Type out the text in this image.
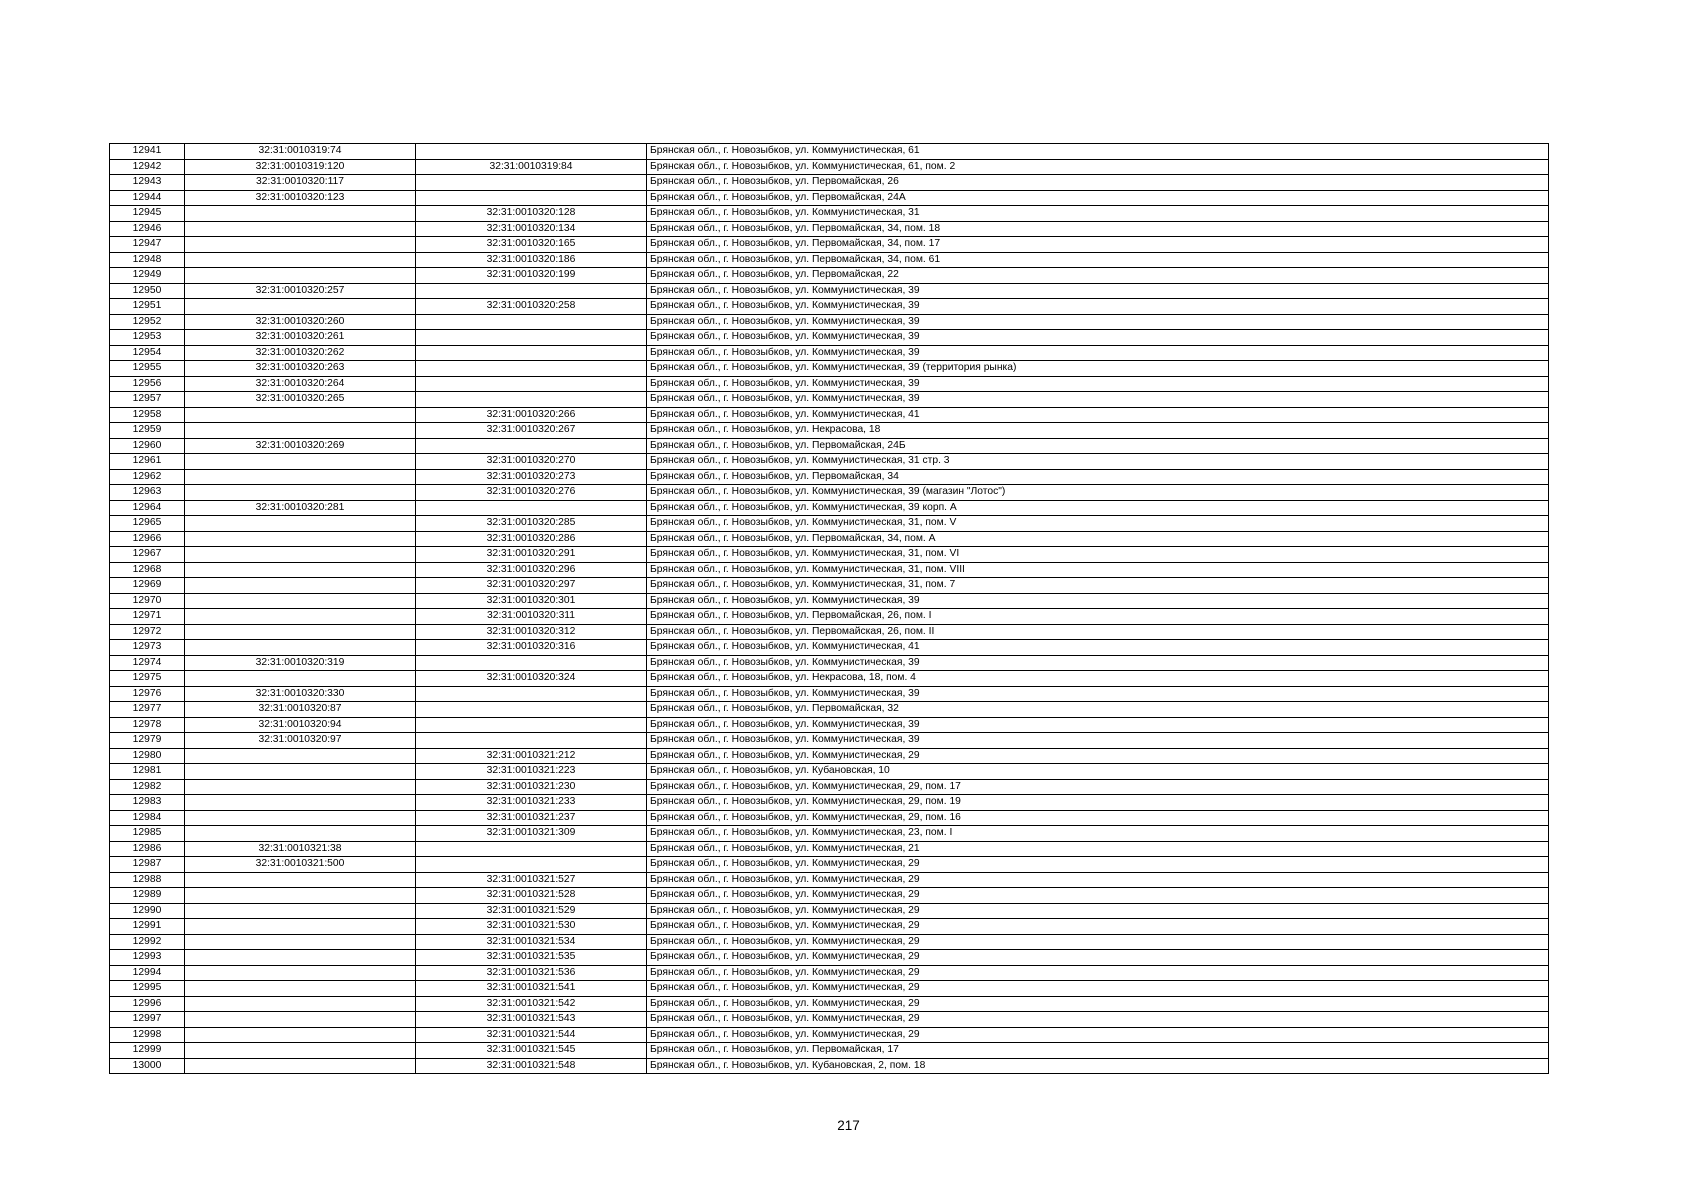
12941	32:31:0010319:74		Брянская обл., г. Новозыбков, ул. Коммунистическая, 61
12942	32:31:0010319:120	32:31:0010319:84	Брянская обл., г. Новозыбков, ул. Коммунистическая, 61, пом. 2
12943	32:31:0010320:117		Брянская обл., г. Новозыбков, ул. Первомайская, 26
12944	32:31:0010320:123		Брянская обл., г. Новозыбков, ул. Первомайская, 24А
12945		32:31:0010320:128	Брянская обл., г. Новозыбков, ул. Коммунистическая, 31
12946		32:31:0010320:134	Брянская обл., г. Новозыбков, ул. Первомайская, 34, пом. 18
12947		32:31:0010320:165	Брянская обл., г. Новозыбков, ул. Первомайская, 34, пом. 17
12948		32:31:0010320:186	Брянская обл., г. Новозыбков, ул. Первомайская, 34, пом. 61
12949		32:31:0010320:199	Брянская обл., г. Новозыбков, ул. Первомайская, 22
12950	32:31:0010320:257		Брянская обл., г. Новозыбков, ул. Коммунистическая, 39
12951		32:31:0010320:258	Брянская обл., г. Новозыбков, ул. Коммунистическая, 39
12952	32:31:0010320:260		Брянская обл., г. Новозыбков, ул. Коммунистическая, 39
12953	32:31:0010320:261		Брянская обл., г. Новозыбков, ул. Коммунистическая, 39
12954	32:31:0010320:262		Брянская обл., г. Новозыбков, ул. Коммунистическая, 39
12955	32:31:0010320:263		Брянская обл., г. Новозыбков, ул. Коммунистическая, 39 (территория рынка)
12956	32:31:0010320:264		Брянская обл., г. Новозыбков, ул. Коммунистическая, 39
12957	32:31:0010320:265		Брянская обл., г. Новозыбков, ул. Коммунистическая, 39
12958		32:31:0010320:266	Брянская обл., г. Новозыбков, ул. Коммунистическая, 41
12959		32:31:0010320:267	Брянская обл., г. Новозыбков, ул. Некрасова, 18
12960	32:31:0010320:269		Брянская обл., г. Новозыбков, ул. Первомайская, 24Б
12961		32:31:0010320:270	Брянская обл., г. Новозыбков, ул. Коммунистическая, 31 стр. 3
12962		32:31:0010320:273	Брянская обл., г. Новозыбков, ул. Первомайская, 34
12963		32:31:0010320:276	Брянская обл., г. Новозыбков, ул. Коммунистическая, 39 (магазин "Лотос")
12964	32:31:0010320:281		Брянская обл., г. Новозыбков, ул. Коммунистическая, 39 корп. А
12965		32:31:0010320:285	Брянская обл., г. Новозыбков, ул. Коммунистическая, 31, пом. V
12966		32:31:0010320:286	Брянская обл., г. Новозыбков, ул. Первомайская, 34, пом. А
12967		32:31:0010320:291	Брянская обл., г. Новозыбков, ул. Коммунистическая, 31, пом. VI
12968		32:31:0010320:296	Брянская обл., г. Новозыбков, ул. Коммунистическая, 31, пом. VIII
12969		32:31:0010320:297	Брянская обл., г. Новозыбков, ул. Коммунистическая, 31, пом. 7
12970		32:31:0010320:301	Брянская обл., г. Новозыбков, ул. Коммунистическая, 39
12971		32:31:0010320:311	Брянская обл., г. Новозыбков, ул. Первомайская, 26, пом. I
12972		32:31:0010320:312	Брянская обл., г. Новозыбков, ул. Первомайская, 26, пом. II
12973		32:31:0010320:316	Брянская обл., г. Новозыбков, ул. Коммунистическая, 41
12974	32:31:0010320:319		Брянская обл., г. Новозыбков, ул. Коммунистическая, 39
12975		32:31:0010320:324	Брянская обл., г. Новозыбков, ул. Некрасова, 18, пом. 4
12976	32:31:0010320:330		Брянская обл., г. Новозыбков, ул. Коммунистическая, 39
12977	32:31:0010320:87		Брянская обл., г. Новозыбков, ул. Первомайская, 32
12978	32:31:0010320:94		Брянская обл., г. Новозыбков, ул. Коммунистическая, 39
12979	32:31:0010320:97		Брянская обл., г. Новозыбков, ул. Коммунистическая, 39
12980		32:31:0010321:212	Брянская обл., г. Новозыбков, ул. Коммунистическая, 29
12981		32:31:0010321:223	Брянская обл., г. Новозыбков, ул. Кубановская, 10
12982		32:31:0010321:230	Брянская обл., г. Новозыбков, ул. Коммунистическая, 29, пом. 17
12983		32:31:0010321:233	Брянская обл., г. Новозыбков, ул. Коммунистическая, 29, пом. 19
12984		32:31:0010321:237	Брянская обл., г. Новозыбков, ул. Коммунистическая, 29, пом. 16
12985		32:31:0010321:309	Брянская обл., г. Новозыбков, ул. Коммунистическая, 23, пом. I
12986	32:31:0010321:38		Брянская обл., г. Новозыбков, ул. Коммунистическая, 21
12987	32:31:0010321:500		Брянская обл., г. Новозыбков, ул. Коммунистическая, 29
12988		32:31:0010321:527	Брянская обл., г. Новозыбков, ул. Коммунистическая, 29
12989		32:31:0010321:528	Брянская обл., г. Новозыбков, ул. Коммунистическая, 29
12990		32:31:0010321:529	Брянская обл., г. Новозыбков, ул. Коммунистическая, 29
12991		32:31:0010321:530	Брянская обл., г. Новозыбков, ул. Коммунистическая, 29
12992		32:31:0010321:534	Брянская обл., г. Новозыбков, ул. Коммунистическая, 29
12993		32:31:0010321:535	Брянская обл., г. Новозыбков, ул. Коммунистическая, 29
12994		32:31:0010321:536	Брянская обл., г. Новозыбков, ул. Коммунистическая, 29
12995		32:31:0010321:541	Брянская обл., г. Новозыбков, ул. Коммунистическая, 29
12996		32:31:0010321:542	Брянская обл., г. Новозыбков, ул. Коммунистическая, 29
12997		32:31:0010321:543	Брянская обл., г. Новозыбков, ул. Коммунистическая, 29
12998		32:31:0010321:544	Брянская обл., г. Новозыбков, ул. Коммунистическая, 29
12999		32:31:0010321:545	Брянская обл., г. Новозыбков, ул. Первомайская, 17
13000		32:31:0010321:548	Брянская обл., г. Новозыбков, ул. Кубановская, 2, пом. 18
217
